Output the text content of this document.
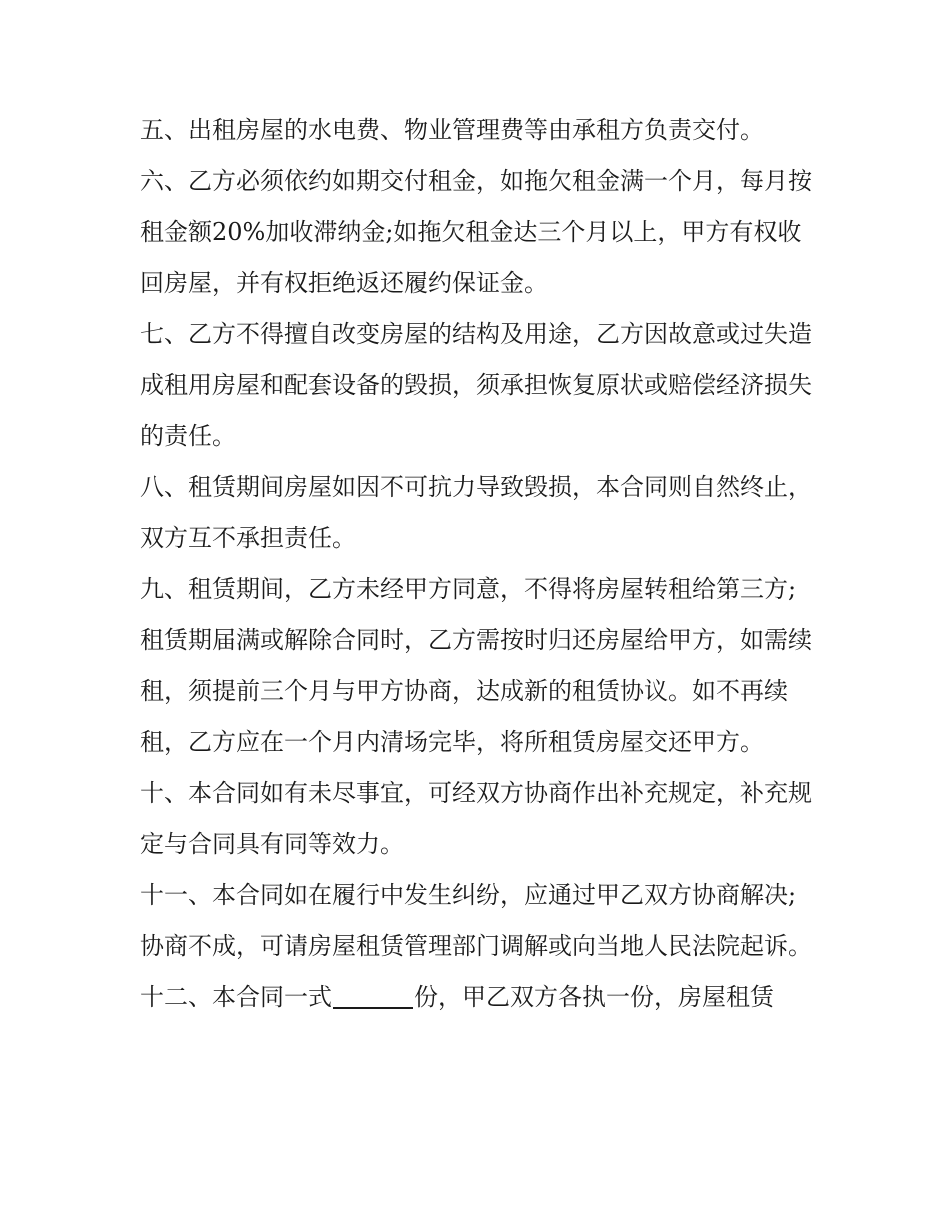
五、出租房屋的水电费、物业管理费等由承租方负责交付。

六、乙方必须依约如期交付租金，如拖欠租金满一个月，每月按租金额20%加收滞纳金;如拖欠租金达三个月以上，甲方有权收回房屋，并有权拒绝返还履约保证金。

七、乙方不得擅自改变房屋的结构及用途，乙方因故意或过失造成租用房屋和配套设备的毁损，须承担恢复原状或赔偿经济损失的责任。

八、租赁期间房屋如因不可抗力导致毁损，本合同则自然终止，双方互不承担责任。

九、租赁期间，乙方未经甲方同意，不得将房屋转租给第三方;租赁期届满或解除合同时，乙方需按时归还房屋给甲方，如需续租，须提前三个月与甲方协商，达成新的租赁协议。如不再续租，乙方应在一个月内清场完毕，将所租赁房屋交还甲方。

十、本合同如有未尽事宜，可经双方协商作出补充规定，补充规定与合同具有同等效力。

十一、本合同如在履行中发生纠纷，应通过甲乙双方协商解决;协商不成，可请房屋租赁管理部门调解或向当地人民法院起诉。

十二、本合同一式	份，甲乙双方各执一份，房屋租赁
